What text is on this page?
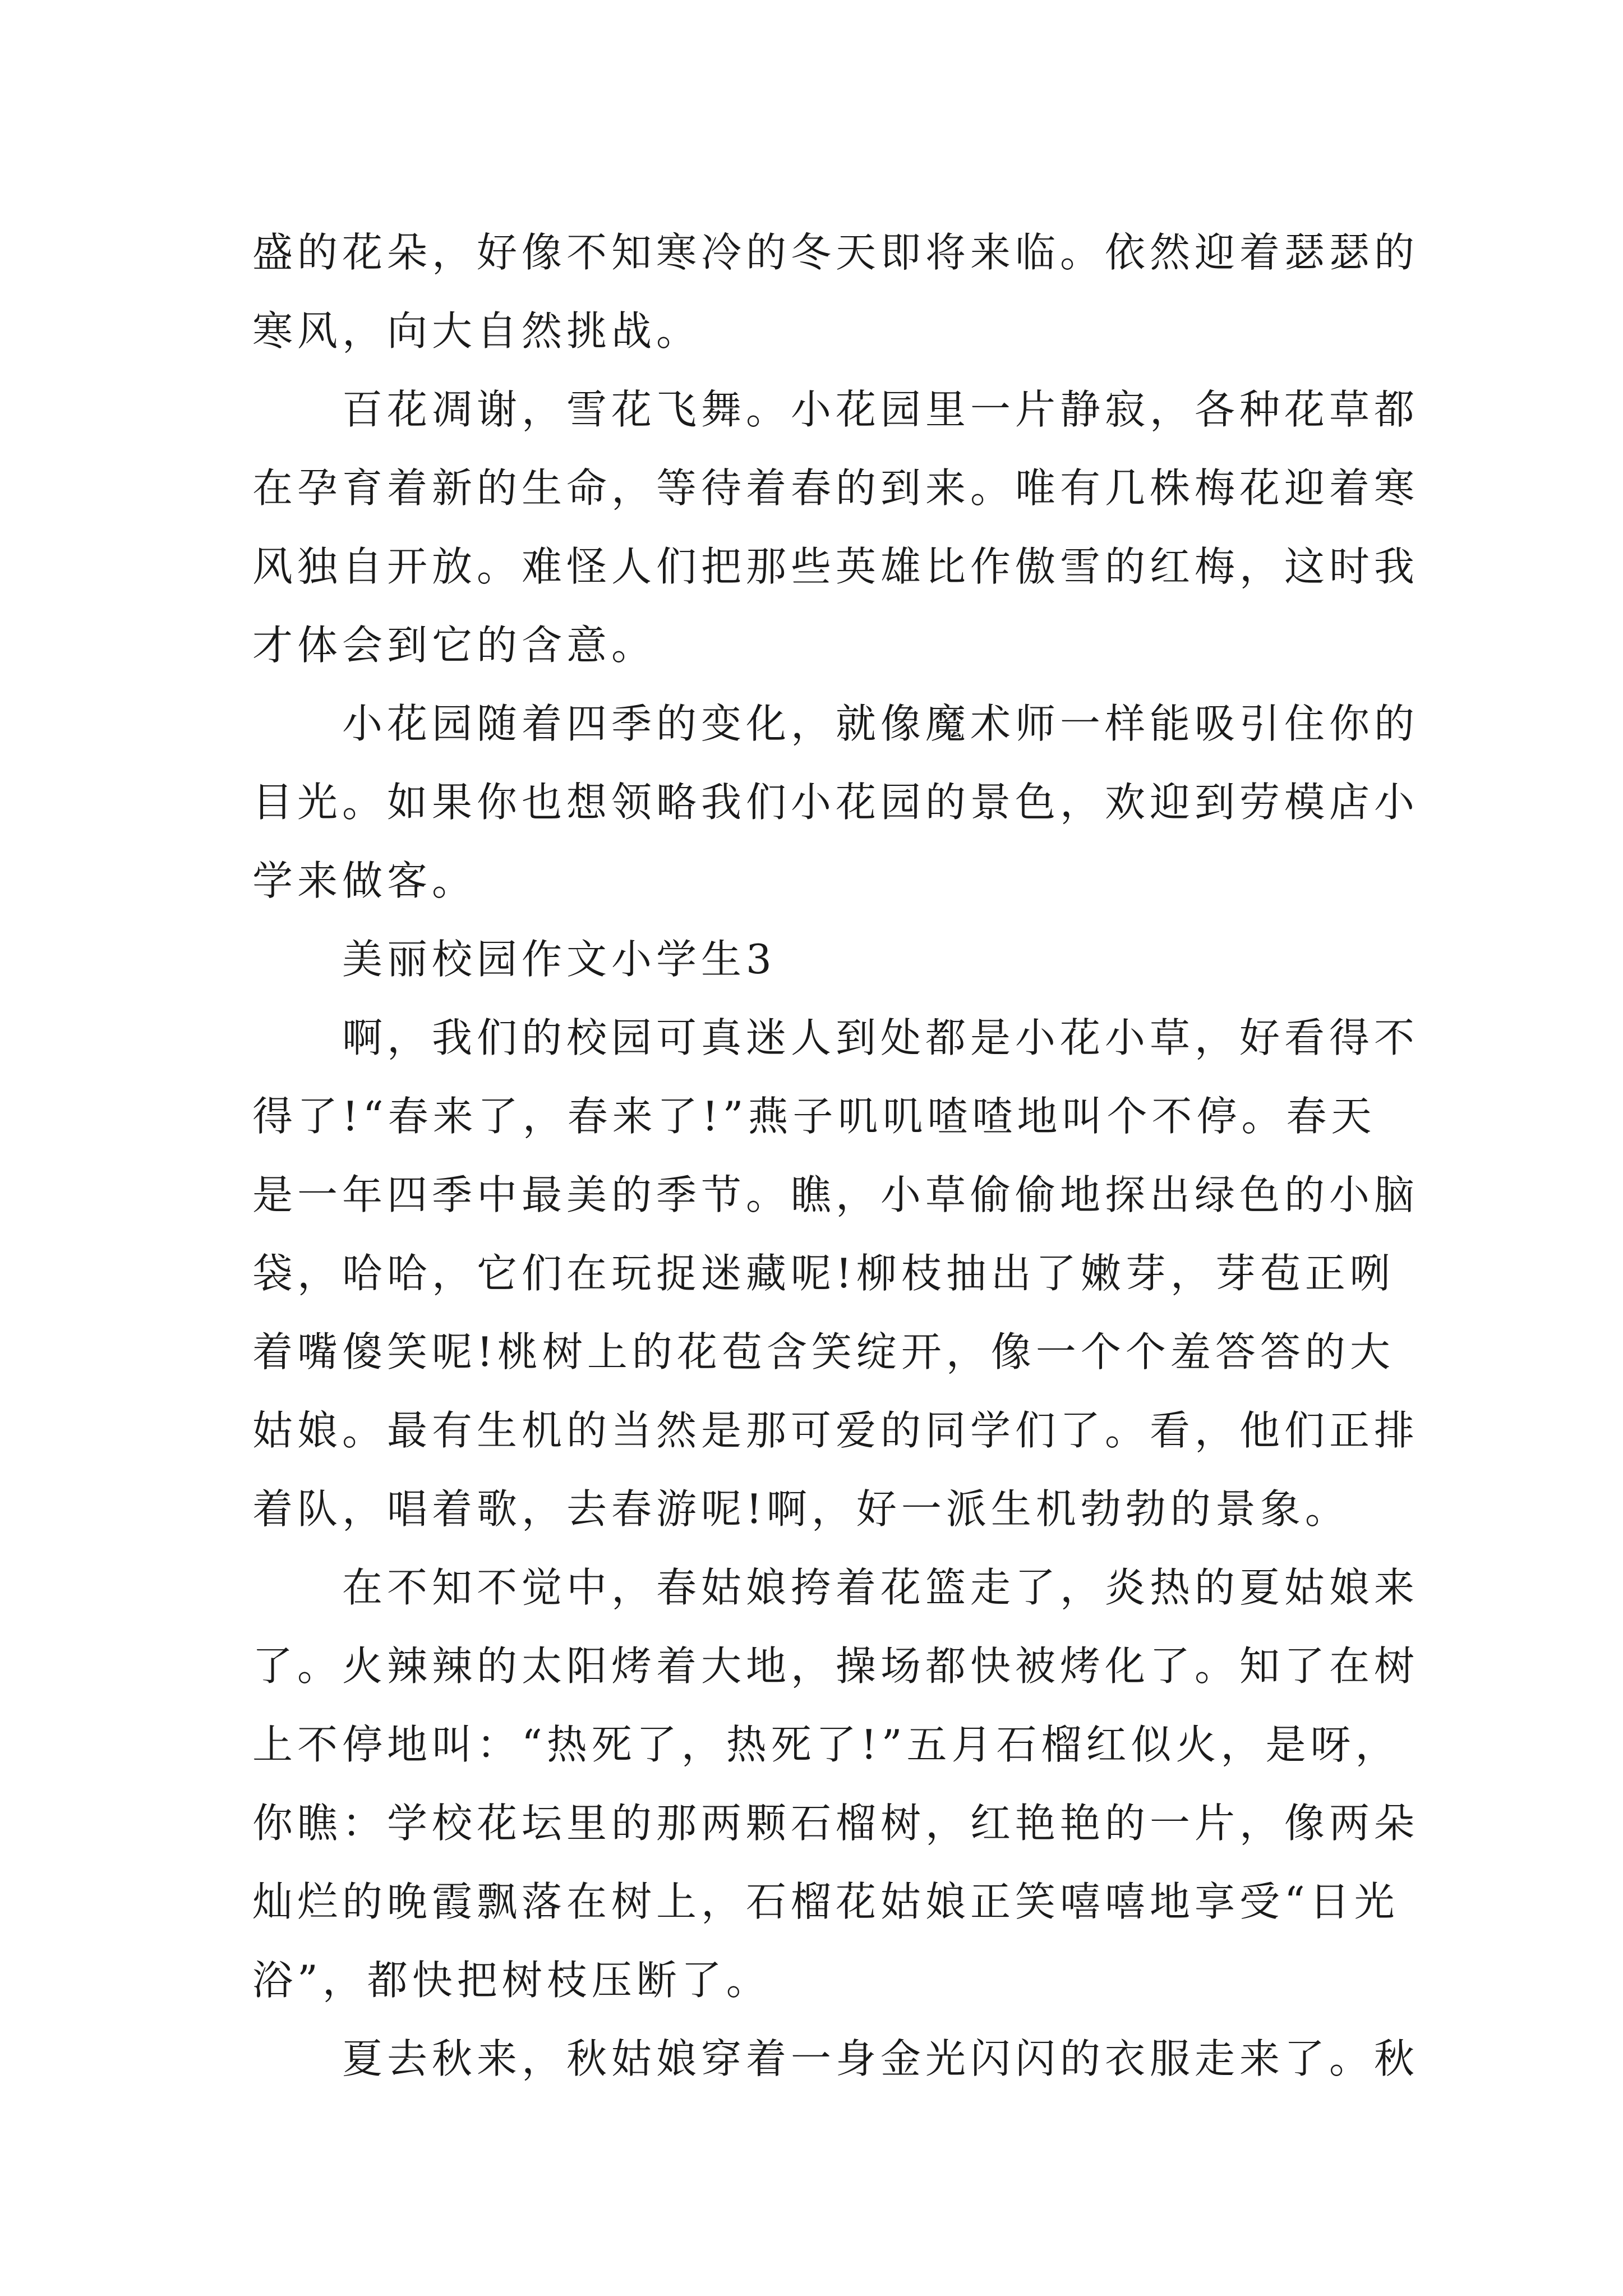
盛的花朵，好像不知寒冷的冬天即将来临。依然迎着瑟瑟的
寒风，向大自然挑战。
　　百花凋谢，雪花飞舞。小花园里一片静寂，各种花草都
在孕育着新的生命，等待着春的到来。唯有几株梅花迎着寒
风独自开放。难怪人们把那些英雄比作傲雪的红梅，这时我
才体会到它的含意。
　　小花园随着四季的变化，就像魔术师一样能吸引住你的
目光。如果你也想领略我们小花园的景色，欢迎到劳模店小
学来做客。
　　美丽校园作文小学生3
　　啊，我们的校园可真迷人到处都是小花小草，好看得不
得了!“春来了，春来了!”燕子叽叽喳喳地叫个不停。春天
是一年四季中最美的季节。瞧，小草偷偷地探出绿色的小脑
袋，哈哈，它们在玩捉迷藏呢!柳枝抽出了嫩芽，芽苞正咧
着嘴傻笑呢!桃树上的花苞含笑绽开，像一个个羞答答的大
姑娘。最有生机的当然是那可爱的同学们了。看，他们正排
着队，唱着歌，去春游呢!啊，好一派生机勃勃的景象。
　　在不知不觉中，春姑娘挎着花篮走了，炎热的夏姑娘来
了。火辣辣的太阳烤着大地，操场都快被烤化了。知了在树
上不停地叫：“热死了，热死了!”五月石榴红似火，是呀，
你瞧：学校花坛里的那两颗石榴树，红艳艳的一片，像两朵
灿烂的晚霞飘落在树上，石榴花姑娘正笑嘻嘻地享受“日光
浴”，都快把树枝压断了。
　　夏去秋来，秋姑娘穿着一身金光闪闪的衣服走来了。秋
